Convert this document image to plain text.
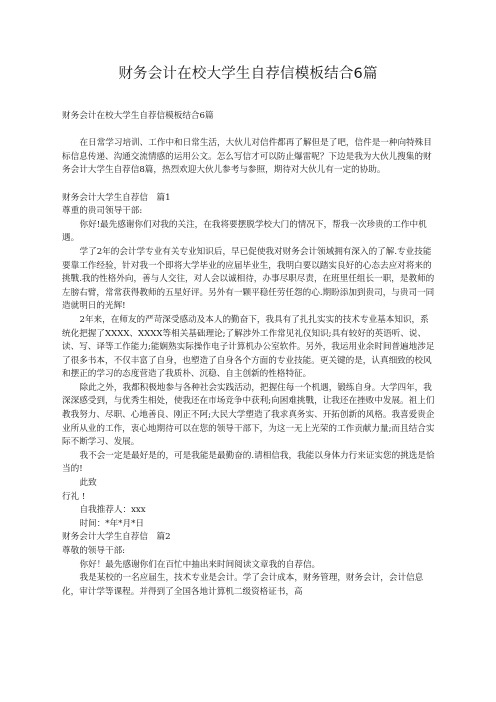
财务会计在校大学生自荐信模板结合6篇

财务会计在校大学生自荐信模板结合6篇

在日常学习培训、工作中和日常生活，大伙儿对信件都再了解但是了吧，信件是一种向特殊目标信息传递、沟通交流情感的运用公文。怎么写信才可以防止爆雷呢？下边是我为大伙儿搜集的财务会计大学生自荐信8篇，热烈欢迎大伙儿参考与参照，期待对大伙儿有一定的协助。

财务会计大学生自荐信　篇1

尊重的贵司领导干部:

你好!最先感谢你们对我的关注，在我将要摆脱学校大门的情况下，帮我一次珍贵的工作中机遇。

学了2年的会计学专业有关专业知识后，早已促使我对财务会计领域拥有深入的了解.专业技能要靠工作经验，针对我一个即将大学毕业的应届毕业生，我明白要以踏实良好的心态去应对将来的挑戰.我的性格外向，善与人交往，对人会以诚相待，办事尽职尽责，在班里任组长一职，是教师的左膀右臂，常常获得教师的五星好评。另外有一颗平稳任劳任怨的心.期盼添加到贵司，与贵司一同造就明日的光辉!

2年来，在师友的严苛深受感动及本人的勤奋下，我具有了扎扎实实的技术专业基本知识，系统化把握了XXXX、XXXX等相关基础理论;了解涉外工作常见礼仪知识;具有较好的英语听、说、读、写、译等工作能力;能娴熟实际操作电子计算机办公室软件。另外，我运用业余时间普遍地涉足了很多书本，不仅丰富了自身，也塑造了自身各个方面的专业技能。更关键的是，认真细致的校风和摆正的学习的态度营造了我质朴、沉稳、自主创新的性格特征。

除此之外，我都积极地参与各种社会实践活动，把握住每一个机遇，锻练自身。大学四年，我深深感受到，与优秀生相处，使我还在市场竞争中获利;向困难挑戰，让我还在挫败中发展。祖上们教我努力、尽职、心地善良、刚正不阿;大民大学塑造了我求真务实、开拓创新的风格。我喜爱贵企业所从业的工作，衷心地期待可以在您的领导干部下，为这一无上光荣的工作贡献力量;而且结合实际不断学习、发展。

我不会一定是最好是的，可是我能是最勤奋的.请相信我，我能以身体力行来证实您的挑选是恰当的!

此致

行礼 !

自我推荐人：xxx

时间：*年*月*日

财务会计大学生自荐信　篇2

尊敬的领导干部:

你好！最先感谢你们在百忙中抽出来时间阅读文章我的自荐信。

我是某校的一名应届生，技术专业是会计。学了会计成本，财务管理，财务会计，会计信息化，审计学等课程。并得到了全国各地计算机二级资格证书，高
